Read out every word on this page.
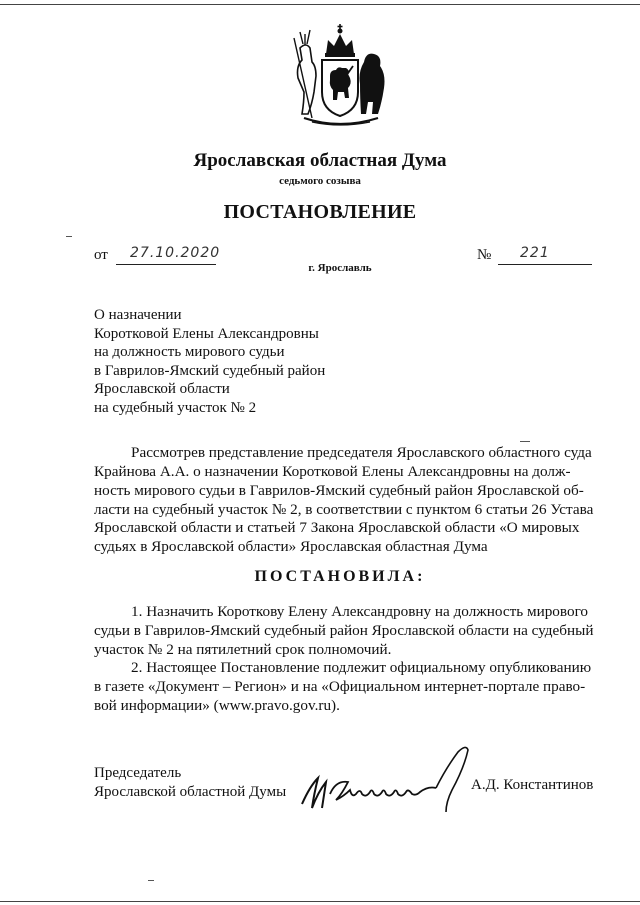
Ярославская областная Дума
седьмого созыва
ПОСТАНОВЛЕНИЕ
от 27.10.2020	№ 221
г. Ярославль
О назначении
Коротковой Елены Александровны
на должность мирового судьи
в Гаврилов-Ямский судебный район
Ярославской области
на судебный участок № 2
Рассмотрев представление председателя Ярославского областного суда
Крайнова А.А. о назначении Коротковой Елены Александровны на долж-
ность мирового судьи в Гаврилов-Ямский судебный район Ярославской об-
ласти на судебный участок № 2, в соответствии с пунктом 6 статьи 26 Устава
Ярославской области и статьей 7 Закона Ярославской области «О мировых
судьях в Ярославской области» Ярославская областная Дума
ПОСТАНОВИЛА:
1. Назначить Короткову Елену Александровну на должность мирового
судьи в Гаврилов-Ямский судебный район Ярославской области на судебный
участок № 2 на пятилетний срок полномочий.
2. Настоящее Постановление подлежит официальному опубликованию
в газете «Документ – Регион» и на «Официальном интернет-портале право-
вой информации» (www.pravo.gov.ru).
Председатель
Ярославской областной Думы	А.Д. Константинов
